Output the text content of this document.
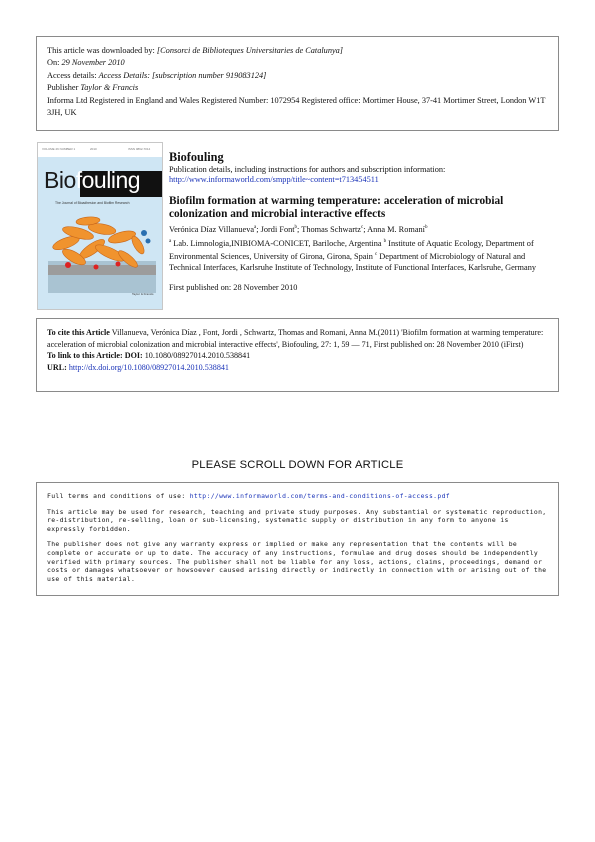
This article was downloaded by: [Consorci de Biblioteques Universitaries de Catalunya]
On: 29 November 2010
Access details: Access Details: [subscription number 919083124]
Publisher Taylor & Francis
Informa Ltd Registered in England and Wales Registered Number: 1072954 Registered office: Mortimer House, 37-41 Mortimer Street, London W1T 3JH, UK
VOLUME 26 NUMBER 1	2010	ISSN 0892-7014
Biofouling
The Journal of Bioadhesion and Biofilm Research
Taylor & Francis
Biofouling
Publication details, including instructions for authors and subscription information:
http://www.informaworld.com/smpp/title~content=t713454511
Biofilm formation at warming temperature: acceleration of microbial colonization and microbial interactive effects
Verónica Díaz Villanueva$^a$; Jordi Font$^b$; Thomas Schwartz$^c$; Anna M. Romaní$^b$
$^a$ Lab. Limnologia,INIBIOMA-CONICET, Bariloche, Argentina $^b$ Institute of Aquatic Ecology, Department of Environmental Sciences, University of Girona, Girona, Spain $^c$ Department of Microbiology of Natural and Technical Interfaces, Karlsruhe Institute of Technology, Institute of Functional Interfaces, Karlsruhe, Germany
First published on: 28 November 2010
To cite this Article Villanueva, Verónica Díaz , Font, Jordi , Schwartz, Thomas and Romani, Anna M.(2011) 'Biofilm formation at warming temperature: acceleration of microbial colonization and microbial interactive effects', Biofouling, 27: 1, 59 — 71, First published on: 28 November 2010 (iFirst)
To link to this Article: DOI: 10.1080/08927014.2010.538841
URL: http://dx.doi.org/10.1080/08927014.2010.538841
PLEASE SCROLL DOWN FOR ARTICLE

Full terms and conditions of use: http://www.informaworld.com/terms-and-conditions-of-access.pdf

This article may be used for research, teaching and private study purposes. Any substantial or systematic reproduction, re-distribution, re-selling, loan or sub-licensing, systematic supply or distribution in any form to anyone is expressly forbidden.

The publisher does not give any warranty express or implied or make any representation that the contents will be complete or accurate or up to date. The accuracy of any instructions, formulae and drug doses should be independently verified with primary sources. The publisher shall not be liable for any loss, actions, claims, proceedings, demand or costs or damages whatsoever or howsoever caused arising directly or indirectly in connection with or arising out of the use of this material.
